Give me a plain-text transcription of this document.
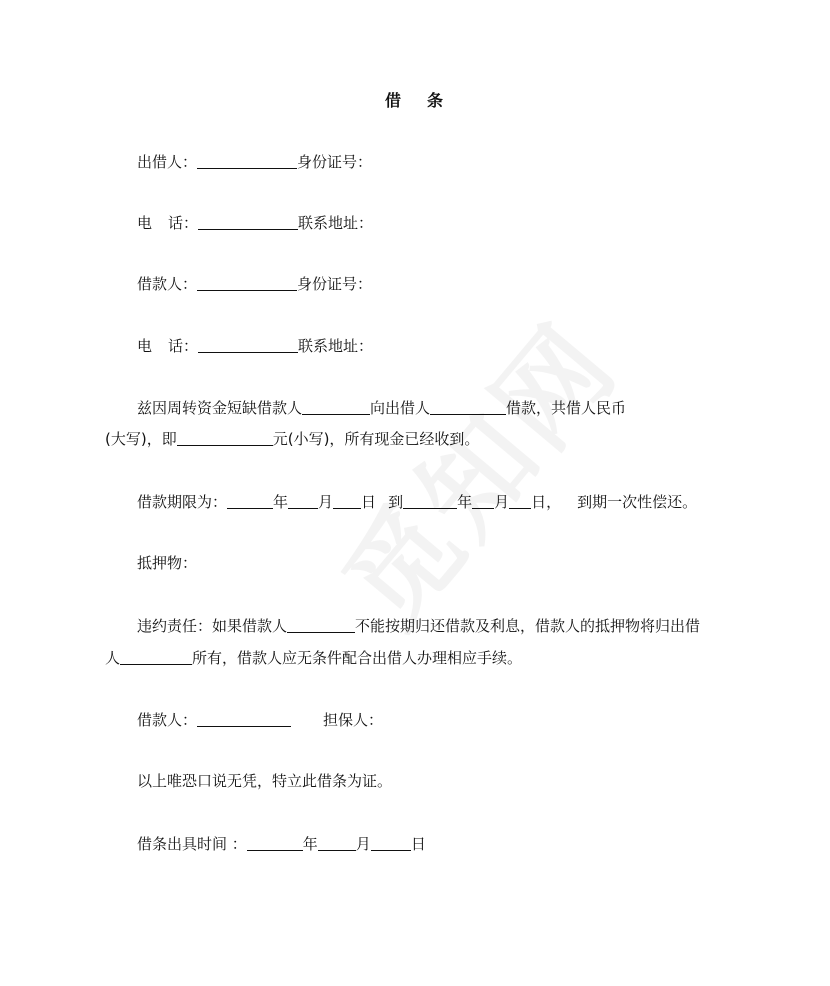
借 条
出借人：	身份证号：
电 话：	联系地址：
借款人：	身份证号：
电 话：	联系地址：
兹因周转资金短缺借款人	向出借人	借款，共借人民币
(大写)，即	元(小写)，所有现金已经收到。
借款期限为：	年 月 日 到	年 月 日， 到期一次性偿还。
抵押物：
违约责任：如果借款人	不能按期归还借款及利息，借款人的抵押物将归出借
人	所有，借款人应无条件配合出借人办理相应手续。
借款人：	担保人：
以上唯恐口说无凭，特立此借条为证。
借条出具时间 ：	年	月	日
